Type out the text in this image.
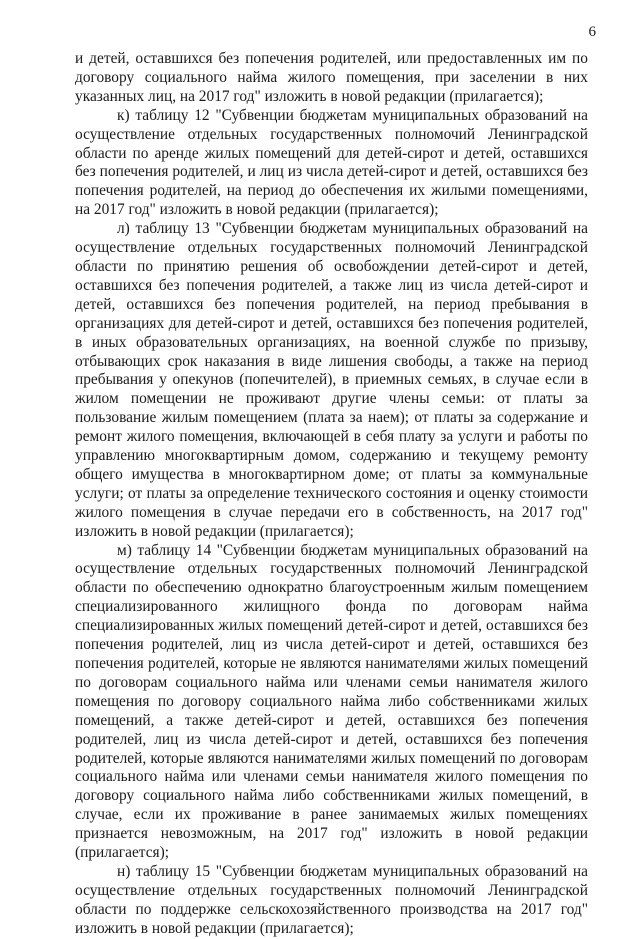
6

и детей, оставшихся без попечения родителей, или предоставленных им по договору социального найма жилого помещения, при заселении в них указанных лиц, на 2017 год" изложить в новой редакции (прилагается);

к) таблицу 12 "Субвенции бюджетам муниципальных образований на осуществление отдельных государственных полномочий Ленинградской области по аренде жилых помещений для детей-сирот и детей, оставшихся без попечения родителей, и лиц из числа детей-сирот и детей, оставшихся без попечения родителей, на период до обеспечения их жилыми помещениями, на 2017 год" изложить в новой редакции (прилагается);

л) таблицу 13 "Субвенции бюджетам муниципальных образований на осуществление отдельных государственных полномочий Ленинградской области по принятию решения об освобождении детей-сирот и детей, оставшихся без попечения родителей, а также лиц из числа детей-сирот и детей, оставшихся без попечения родителей, на период пребывания в организациях для детей-сирот и детей, оставшихся без попечения родителей, в иных образовательных организациях, на военной службе по призыву, отбывающих срок наказания в виде лишения свободы, а также на период пребывания у опекунов (попечителей), в приемных семьях, в случае если в жилом помещении не проживают другие члены семьи: от платы за пользование жилым помещением (плата за наем); от платы за содержание и ремонт жилого помещения, включающей в себя плату за услуги и работы по управлению многоквартирным домом, содержанию и текущему ремонту общего имущества в многоквартирном доме; от платы за коммунальные услуги; от платы за определение технического состояния и оценку стоимости жилого помещения в случае передачи его в собственность, на 2017 год" изложить в новой редакции (прилагается);

м) таблицу 14 "Субвенции бюджетам муниципальных образований на осуществление отдельных государственных полномочий Ленинградской области по обеспечению однократно благоустроенным жилым помещением специализированного жилищного фонда по договорам найма специализированных жилых помещений детей-сирот и детей, оставшихся без попечения родителей, лиц из числа детей-сирот и детей, оставшихся без попечения родителей, которые не являются нанимателями жилых помещений по договорам социального найма или членами семьи нанимателя жилого помещения по договору социального найма либо собственниками жилых помещений, а также детей-сирот и детей, оставшихся без попечения родителей, лиц из числа детей-сирот и детей, оставшихся без попечения родителей, которые являются нанимателями жилых помещений по договорам социального найма или членами семьи нанимателя жилого помещения по договору социального найма либо собственниками жилых помещений, в случае, если их проживание в ранее занимаемых жилых помещениях признается невозможным, на 2017 год" изложить в новой редакции (прилагается);

н) таблицу 15 "Субвенции бюджетам муниципальных образований на осуществление отдельных государственных полномочий Ленинградской области по поддержке сельскохозяйственного производства на 2017 год" изложить в новой редакции (прилагается);
